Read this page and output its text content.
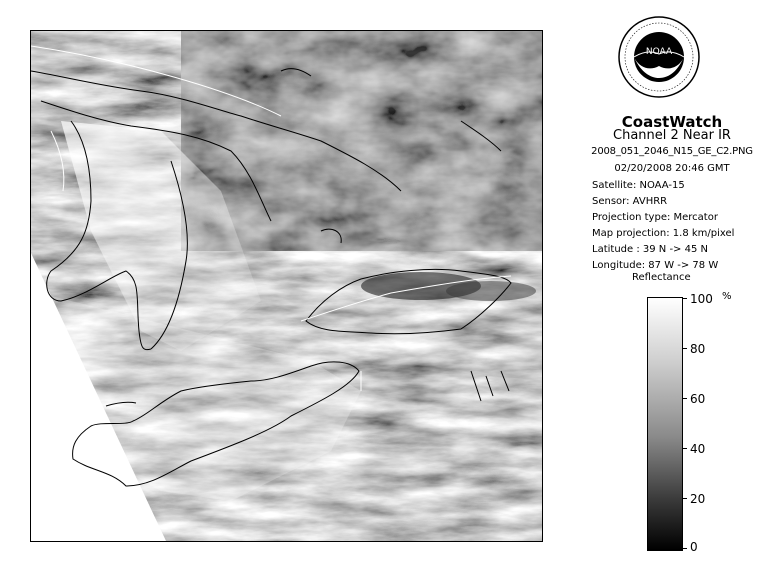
NOAA
CoastWatch
Channel 2 Near IR
2008_051_2046_N15_GE_C2.PNG
02/20/2008 20:46 GMT
Satellite: NOAA-15
Sensor: AVHRR
Projection type: Mercator
Map projection: 1.8 km/pixel
Latitude : 39 N -> 45 N
Longitude: 87 W -> 78 W
Reflectance
%
100
80
60
40
20
0
